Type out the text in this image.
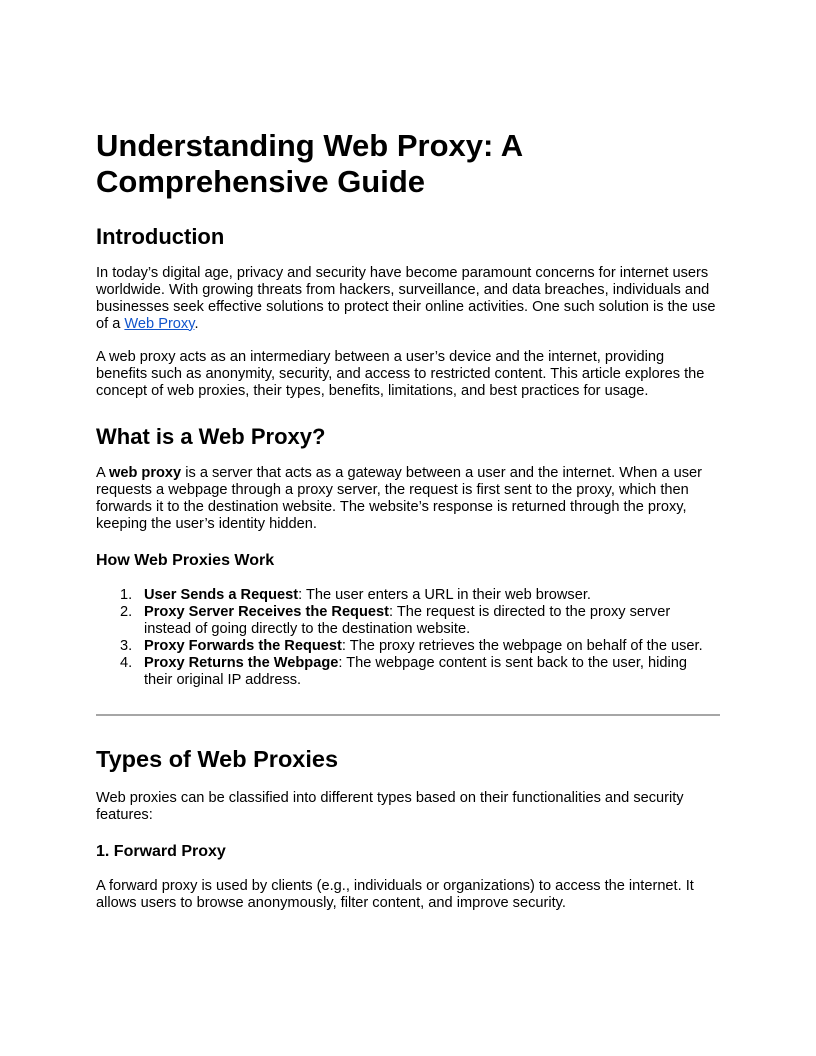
Understanding Web Proxy: A
Comprehensive Guide
Introduction

In today’s digital age, privacy and security have become paramount concerns for internet users
worldwide. With growing threats from hackers, surveillance, and data breaches, individuals and
businesses seek effective solutions to protect their online activities. One such solution is the use
of a Web Proxy.

A web proxy acts as an intermediary between a user’s device and the internet, providing
benefits such as anonymity, security, and access to restricted content. This article explores the
concept of web proxies, their types, benefits, limitations, and best practices for usage.

What is a Web Proxy?

A web proxy is a server that acts as a gateway between a user and the internet. When a user
requests a webpage through a proxy server, the request is first sent to the proxy, which then
forwards it to the destination website. The website’s response is returned through the proxy,
keeping the user’s identity hidden.

How Web Proxies Work
1. User Sends a Request: The user enters a URL in their web browser.
2. Proxy Server Receives the Request: The request is directed to the proxy server
instead of going directly to the destination website.
3. Proxy Forwards the Request: The proxy retrieves the webpage on behalf of the user.
4. Proxy Returns the Webpage: The webpage content is sent back to the user, hiding
their original IP address.
Types of Web Proxies

Web proxies can be classified into different types based on their functionalities and security
features:

1. Forward Proxy

A forward proxy is used by clients (e.g., individuals or organizations) to access the internet. It
allows users to browse anonymously, filter content, and improve security.
